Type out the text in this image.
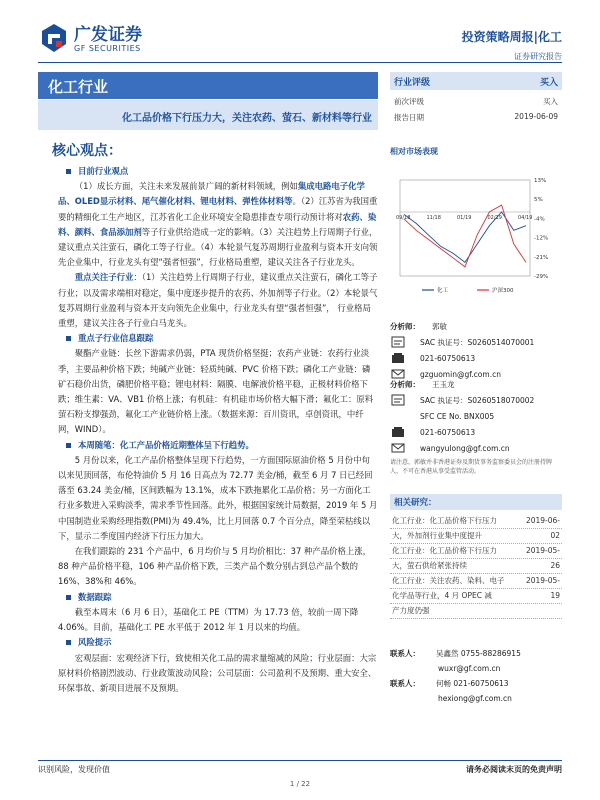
广发证券
GF SECURITIES
投资策略周报|化工
证券研究报告
化工行业
化工品价格下行压力大，关注农药、萤石、新材料等行业
核心观点：
目前行业观点

（1）成长方面，关注未来发展前景广阔的新材料领域，例如集成电路电子化学品、OLED显示材料、尾气催化材料、锂电材料、弹性体材料等。（2）江苏省为我国重要的精细化工生产地区，江苏省化工企业环境安全隐患排查专项行动预计将对农药、染料、颜料、食品添加剂等子行业供给造成一定的影响。（3）关注趋势上行周期子行业，建议重点关注萤石，磷化工等子行业。（4）本轮景气复苏周期行业盈利与资本开支向领先企业集中，行业龙头有望“强者恒强”，行业格局重塑，建议关注各子行业龙头。

重点关注子行业：（1）关注趋势上行周期子行业，建议重点关注萤石，磷化工等子行业；以及需求端相对稳定，集中度逐步提升的农药、外加剂等子行业。（2）本轮景气复苏周期行业盈利与资本开支向领先企业集中，行业龙头有望“强者恒强”， 行业格局重塑，建议关注各子行业白马龙头。

重点子行业信息跟踪

聚酯产业链：长丝下游需求仍弱，PTA 现货价格坚挺；农药产业链：农药行业淡季，主要品种价格下跌；纯碱产业链：轻质纯碱、PVC 价格下跌；磷化工产业链：磷矿石稳价出货，磷肥价格平稳；锂电材料：隔膜、电解液价格平稳，正极材料价格下跌；维生素：VA、VB1 价格上涨；有机硅：有机硅市场价格大幅下滑；氟化工：原料萤石粉支撑强劲，氟化工产业链价格上涨。（数据来源：百川资讯，卓创资讯，中纤网，WIND）。

本周随笔：化工产品价格近期整体呈下行趋势。

5 月份以来，化工产品价格整体呈现下行趋势，一方面国际原油价格 5 月份中旬以来见顶回落，布伦特油价 5 月 16 日高点为 72.77 美金/桶，截至 6 月 7 日已经回落至 63.24 美金/桶，区间跌幅为 13.1%，成本下跌拖累化工品价格；另一方面化工行业多数进入采购淡季，需求季节性回落。此外，根据国家统计局数据，2019 年 5 月中国制造业采购经理指数(PMI)为 49.4%，比上月回落 0.7 个百分点，降至荣枯线以下，显示二季度国内经济下行压力加大。

在我们跟踪的 231 个产品中，6 月均价与 5 月均价相比：37 种产品价格上涨，88 种产品价格平稳，106 种产品价格下跌，三类产品个数分别占到总产品个数的 16%、38%和 46%。

数据跟踪

截至本周末（6 月 6 日），基础化工 PE（TTM）为 17.73 倍，较前一周下降 4.06%。目前，基础化工 PE 水平低于 2012 年 1 月以来的均值。

风险提示

宏观层面：宏观经济下行，致使相关化工品的需求量缩减的风险；行业层面：大宗原材料价格剧烈波动、行业政策波动风险；公司层面：公司盈利不及预期、重大安全、环保事故、新项目进展不及预期。

行业评级	买入
前次评级	买入
报告日期	2019-06-09
相对市场表现
13%
5%
-4%
-12%
-21%
-29%
09/18	11/18	01/19	02/19	04/19
化工	沪深300
分析师：	郭敏
SAC 执证号：S0260514070001
021-60750613
gzguomin@gf.com.cn
分析师：	王玉龙
SAC 执证号：S0260518070002
SFC CE No. BNX005
021-60750613
wangyulong@gf.com.cn
请注意，郭敏并非香港证券及期货事务监察委员会的注册持牌人，不可在香港从事受监管活动。
相关研究：
化工行业：化工品价格下行压力	2019-06-
大，外加剂行业集中度提升	02
化工行业：化工品价格下行压力	2019-05-
大，萤石供给紧张持续	26
化工行业：关注农药、染料、电子	2019-05-
化学品等行业，4 月 OPEC 减	19
产力度仍强
联系人： 吴鑫然 0755-88286915
wuxr@gf.com.cn
联系人： 何畅 021-60750613
hexiong@gf.com.cn
识别风险，发现价值	请务必阅读末页的免责声明
1 / 22
